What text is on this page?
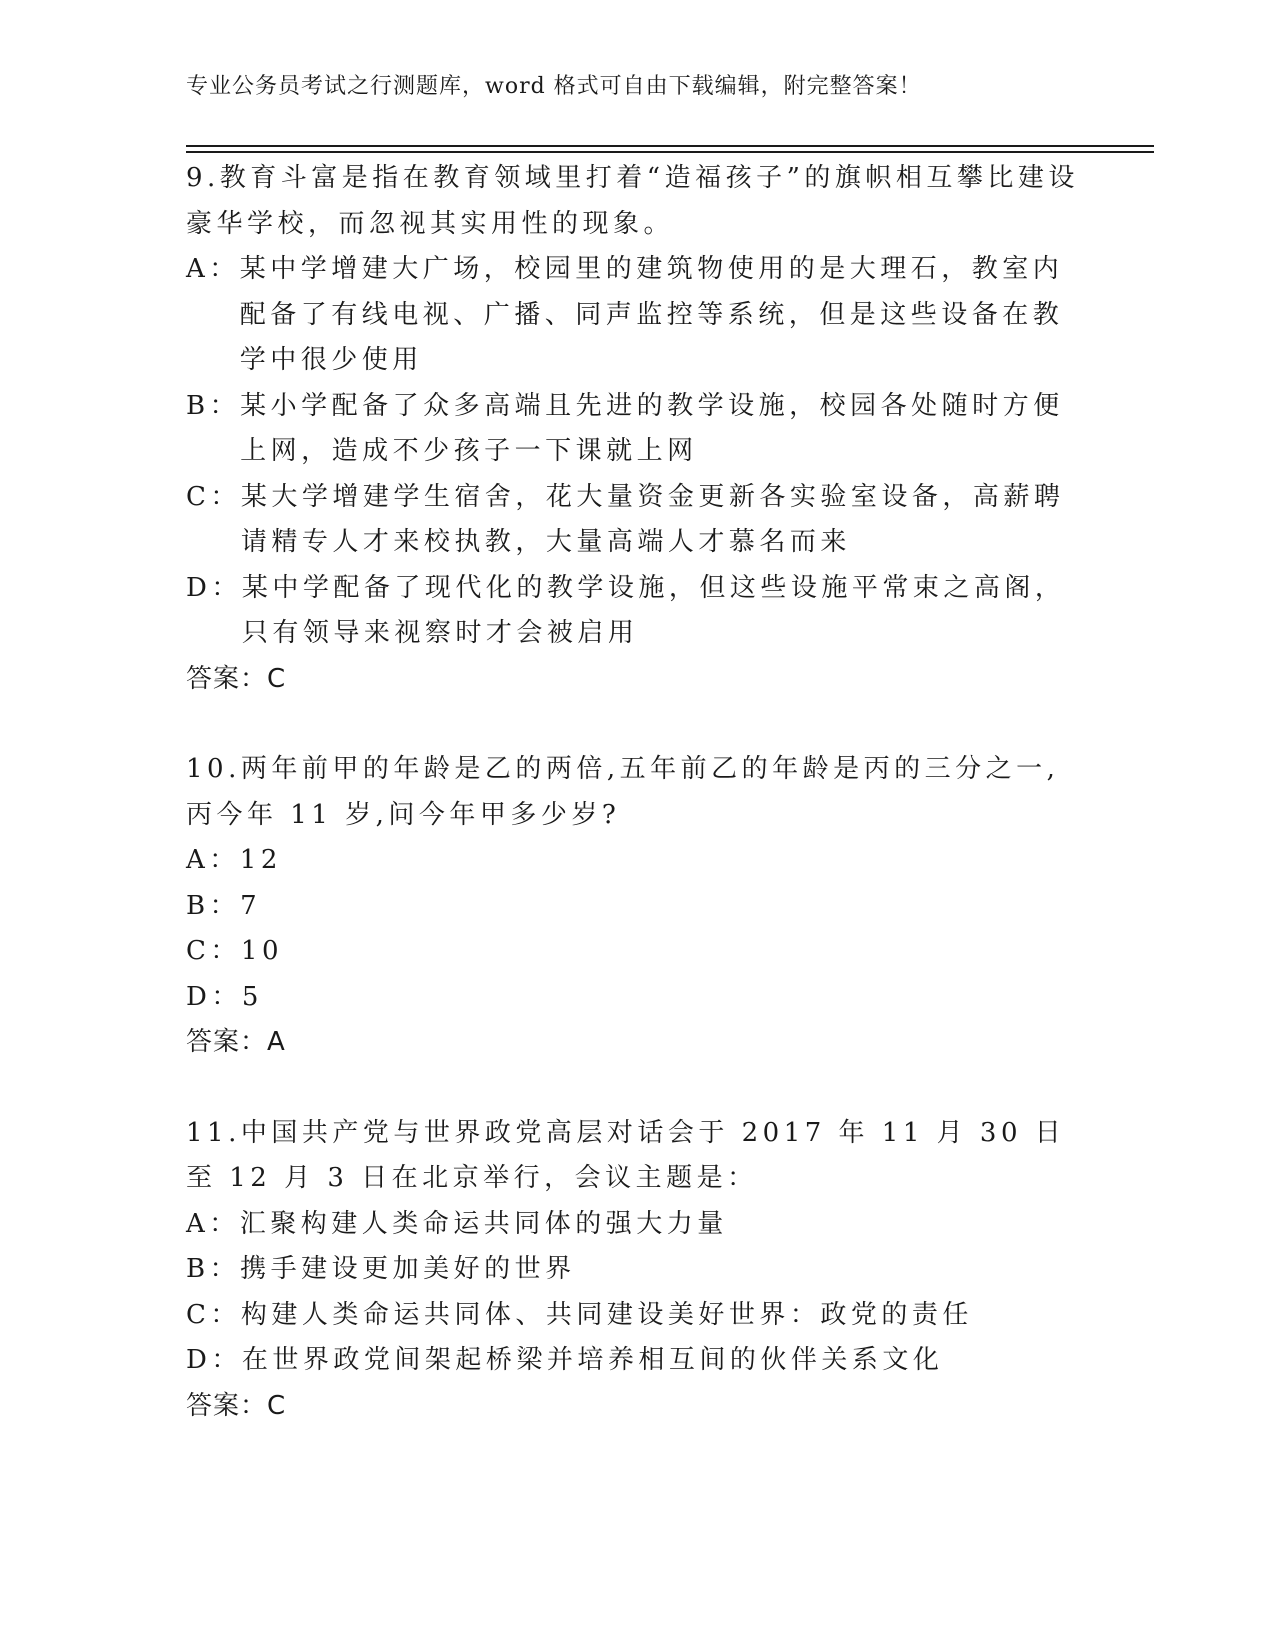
专业公务员考试之行测题库，word 格式可自由下载编辑，附完整答案！
9.教育斗富是指在教育领域里打着“造福孩子”的旗帜相互攀比建设豪华学校，而忽视其实用性的现象。
A： 某中学增建大广场，校园里的建筑物使用的是大理石，教室内配备了有线电视、广播、同声监控等系统，但是这些设备在教学中很少使用
B： 某小学配备了众多高端且先进的教学设施，校园各处随时方便上网，造成不少孩子一下课就上网
C： 某大学增建学生宿舍，花大量资金更新各实验室设备，高薪聘请精专人才来校执教，大量高端人才慕名而来
D： 某中学配备了现代化的教学设施，但这些设施平常束之高阁，只有领导来视察时才会被启用
答案：C
10.两年前甲的年龄是乙的两倍,五年前乙的年龄是丙的三分之一,丙今年 11 岁,问今年甲多少岁?
A： 12
B： 7
C： 10
D： 5
答案：A
11.中国共产党与世界政党高层对话会于 2017 年 11 月 30 日至 12 月 3 日在北京举行，会议主题是：
A： 汇聚构建人类命运共同体的强大力量
B： 携手建设更加美好的世界
C： 构建人类命运共同体、共同建设美好世界：政党的责任
D： 在世界政党间架起桥梁并培养相互间的伙伴关系文化
答案：C
